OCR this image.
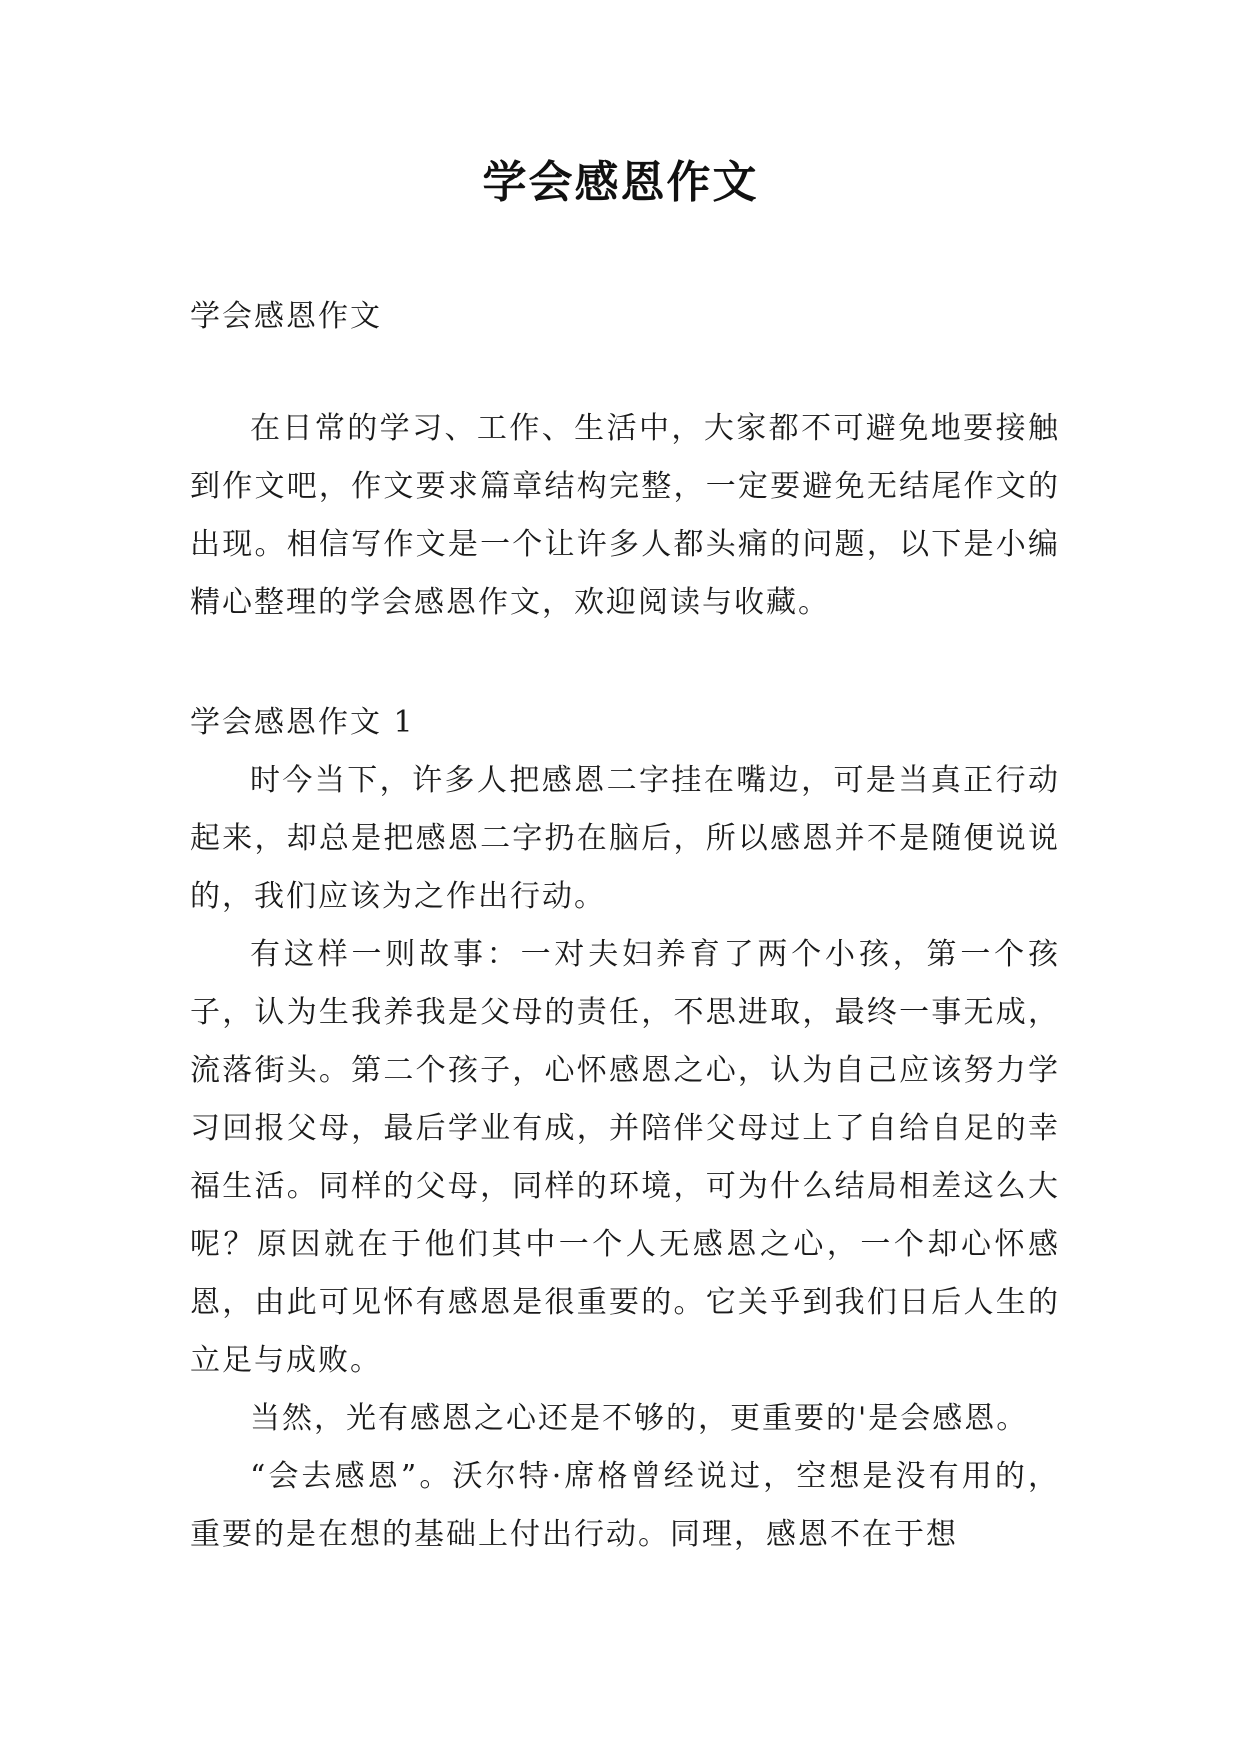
学会感恩作文

学会感恩作文

在日常的学习、工作、生活中，大家都不可避免地要接触到作文吧，作文要求篇章结构完整，一定要避免无结尾作文的出现。相信写作文是一个让许多人都头痛的问题，以下是小编精心整理的学会感恩作文，欢迎阅读与收藏。

学会感恩作文 1

时今当下，许多人把感恩二字挂在嘴边，可是当真正行动起来，却总是把感恩二字扔在脑后，所以感恩并不是随便说说的，我们应该为之作出行动。

有这样一则故事：一对夫妇养育了两个小孩，第一个孩子，认为生我养我是父母的责任，不思进取，最终一事无成，流落街头。第二个孩子，心怀感恩之心，认为自己应该努力学习回报父母，最后学业有成，并陪伴父母过上了自给自足的幸福生活。同样的父母，同样的环境，可为什么结局相差这么大呢？原因就在于他们其中一个人无感恩之心，一个却心怀感恩，由此可见怀有感恩是很重要的。它关乎到我们日后人生的立足与成败。

当然，光有感恩之心还是不够的，更重要的'是会感恩。

“会去感恩”。沃尔特·席格曾经说过，空想是没有用的，重要的是在想的基础上付出行动。同理，感恩不在于想
